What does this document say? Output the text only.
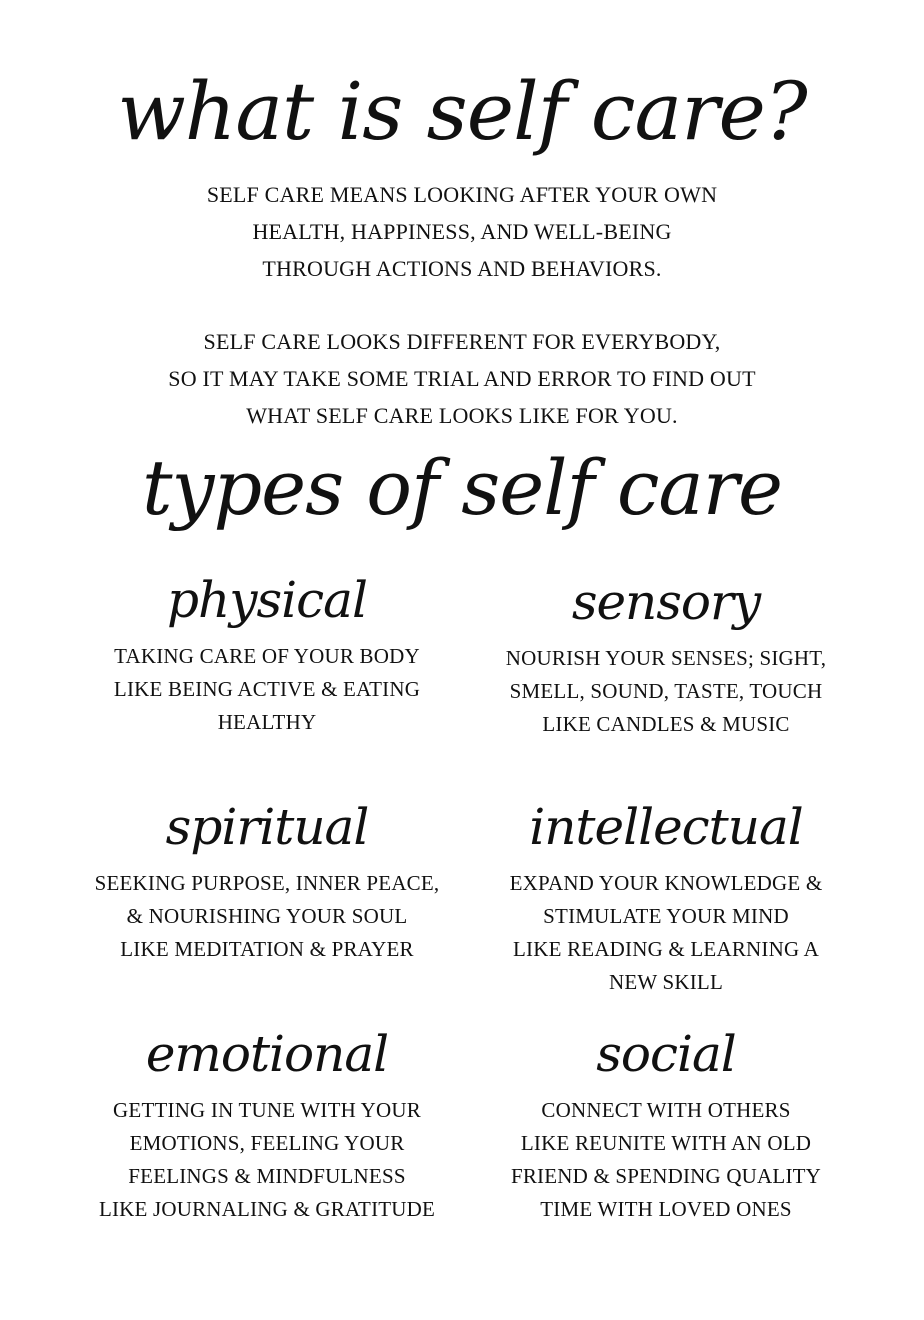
what is self care?
SELF CARE MEANS LOOKING AFTER YOUR OWN
HEALTH, HAPPINESS, AND WELL-BEING
THROUGH ACTIONS AND BEHAVIORS.
SELF CARE LOOKS DIFFERENT FOR EVERYBODY,
SO IT MAY TAKE SOME TRIAL AND ERROR TO FIND OUT
WHAT SELF CARE LOOKS LIKE FOR YOU.
types of self care
physical
TAKING CARE OF YOUR BODY
LIKE BEING ACTIVE & EATING
HEALTHY
sensory
NOURISH YOUR SENSES; SIGHT,
SMELL, SOUND, TASTE, TOUCH
LIKE CANDLES & MUSIC
spiritual
SEEKING PURPOSE, INNER PEACE,
& NOURISHING YOUR SOUL
LIKE MEDITATION & PRAYER
intellectual
EXPAND YOUR KNOWLEDGE &
STIMULATE YOUR MIND
LIKE READING & LEARNING A
NEW SKILL
emotional
GETTING IN TUNE WITH YOUR
EMOTIONS, FEELING YOUR
FEELINGS & MINDFULNESS
LIKE JOURNALING & GRATITUDE
social
CONNECT WITH OTHERS
LIKE REUNITE WITH AN OLD
FRIEND & SPENDING QUALITY
TIME WITH LOVED ONES
